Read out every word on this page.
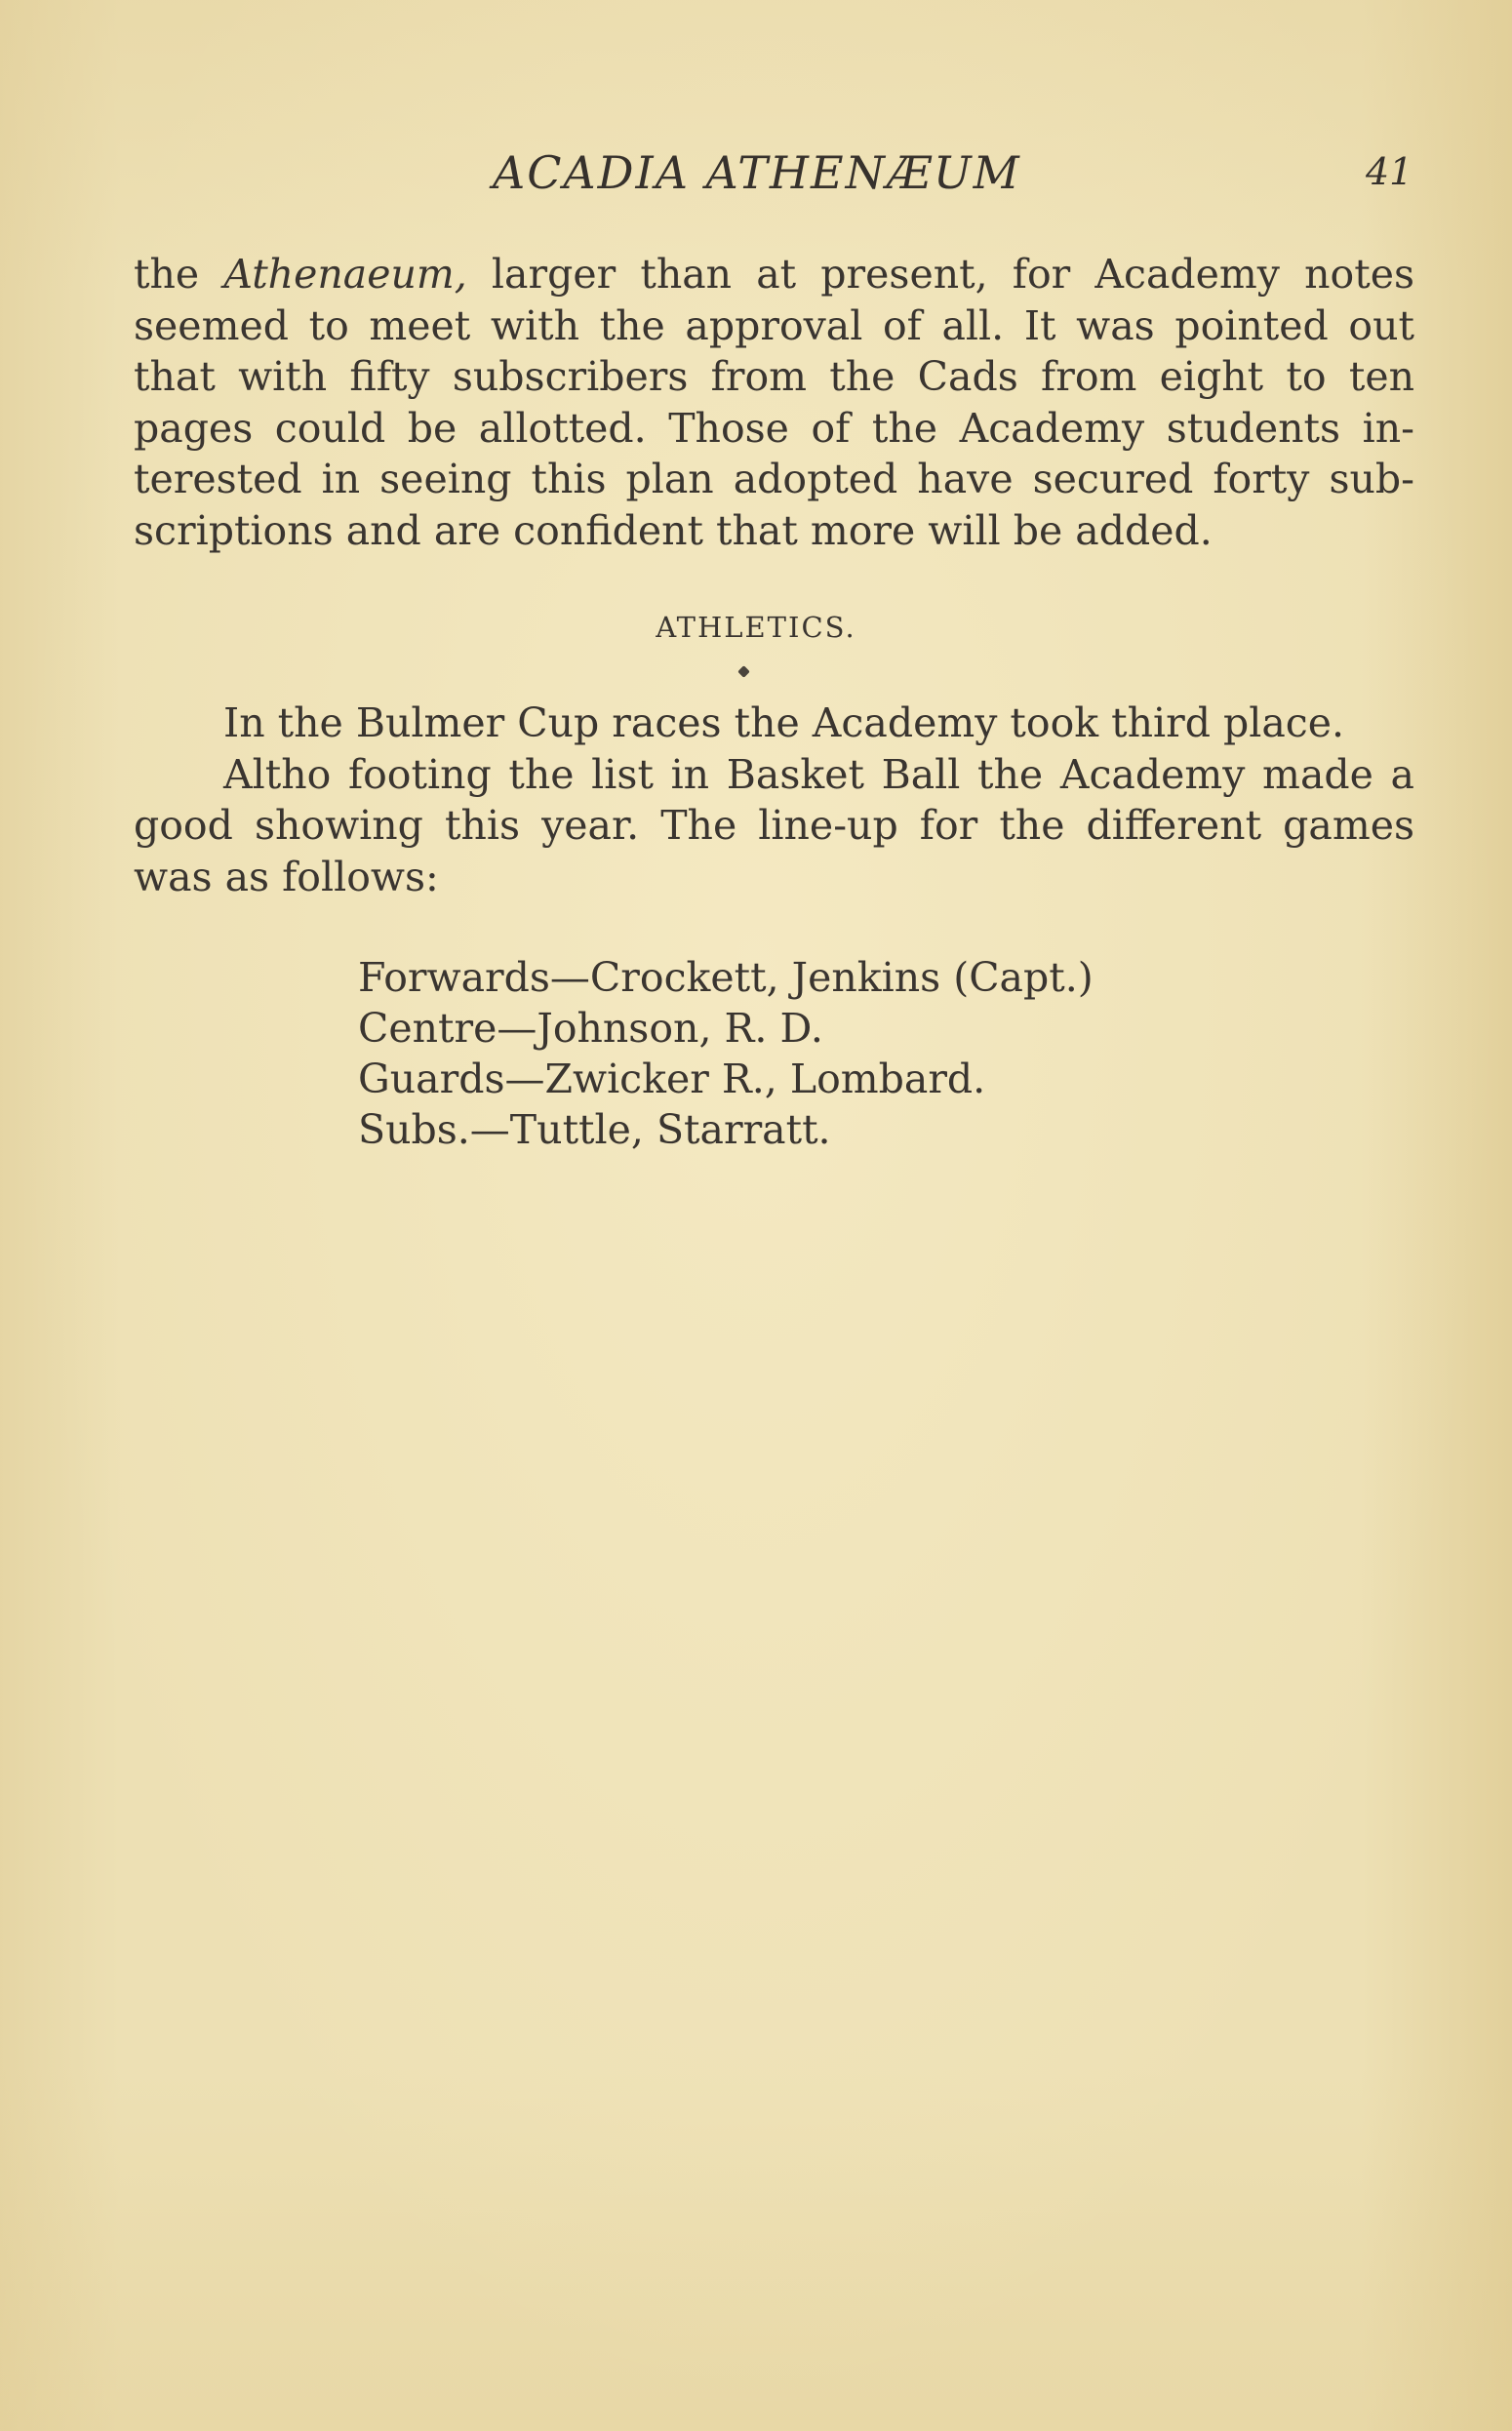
ACADIA ATHENÆUM	41

the Athenaeum, larger than at present, for Academy notes seemed to meet with the approval of all. It was pointed out that with fifty subscribers from the Cads from eight to ten pages could be allotted. Those of the Academy students in-terested in seeing this plan adopted have secured forty sub-scriptions and are confident that more will be added.

ATHLETICS.

In the Bulmer Cup races the Academy took third place.

Altho footing the list in Basket Ball the Academy made a good showing this year. The line-up for the different games was as follows:

Forwards—Crockett, Jenkins (Capt.)
Centre—Johnson, R. D.
Guards—Zwicker R., Lombard.
Subs.—Tuttle, Starratt.
